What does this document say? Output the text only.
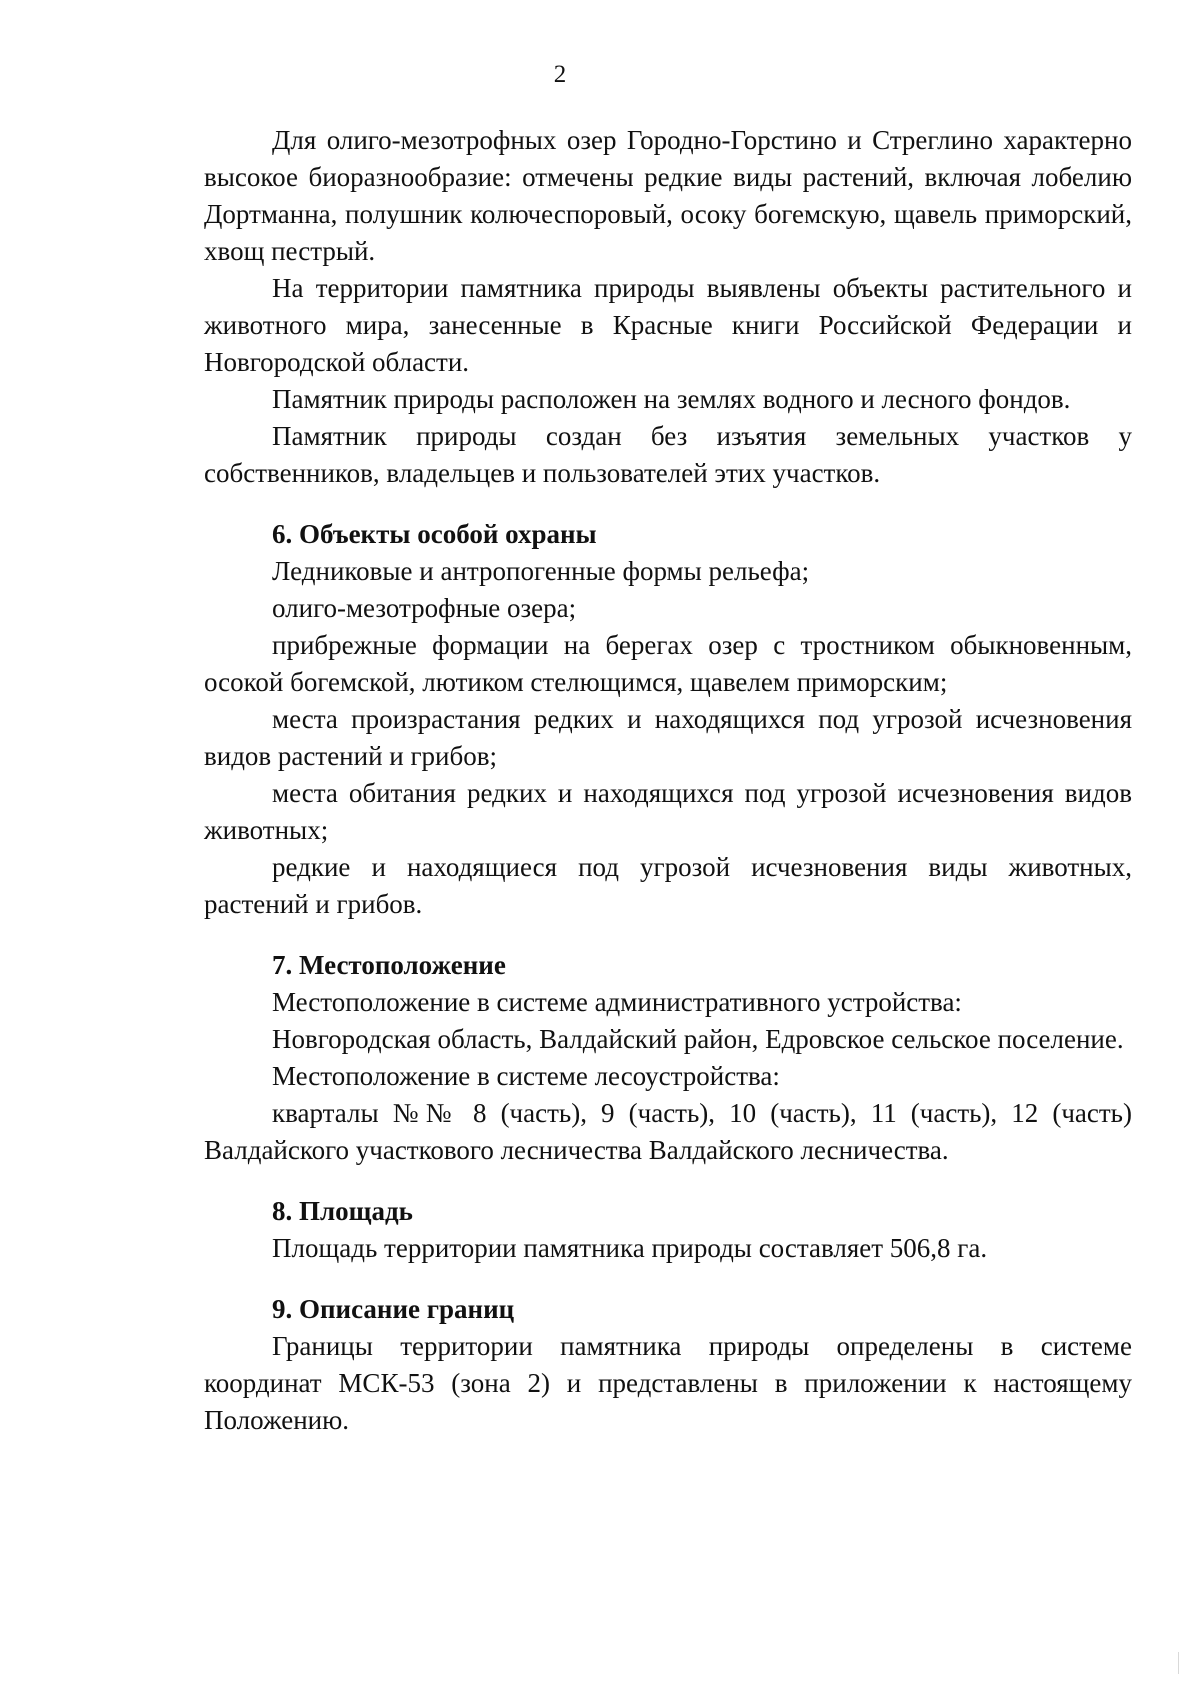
2

Для олиго-мезотрофных озер Городно-Горстино и Стреглино характерно высокое биоразнообразие: отмечены редкие виды растений, включая лобелию Дортманна, полушник колючеспоровый, осоку богемскую, щавель приморский, хвощ пестрый.

На территории памятника природы выявлены объекты растительного и животного мира, занесенные в Красные книги Российской Федерации и Новгородской области.

Памятник природы расположен на землях водного и лесного фондов.

Памятник природы создан без изъятия земельных участков у собственников, владельцев и пользователей этих участков.

6. Объекты особой охраны

Ледниковые и антропогенные формы рельефа;

олиго-мезотрофные озера;

прибрежные формации на берегах озер с тростником обыкновенным, осокой богемской, лютиком стелющимся, щавелем приморским;

места произрастания редких и находящихся под угрозой исчезновения видов растений и грибов;

места обитания редких и находящихся под угрозой исчезновения видов животных;

редкие и находящиеся под угрозой исчезновения виды животных, растений и грибов.

7. Местоположение

Местоположение в системе административного устройства:

Новгородская область, Валдайский район, Едровское сельское поселение.

Местоположение в системе лесоустройства:

кварталы №№ 8 (часть), 9 (часть), 10 (часть), 11 (часть), 12 (часть) Валдайского участкового лесничества Валдайского лесничества.

8. Площадь

Площадь территории памятника природы составляет 506,8 га.

9. Описание границ

Границы территории памятника природы определены в системе координат МСК-53 (зона 2) и представлены в приложении к настоящему Положению.
